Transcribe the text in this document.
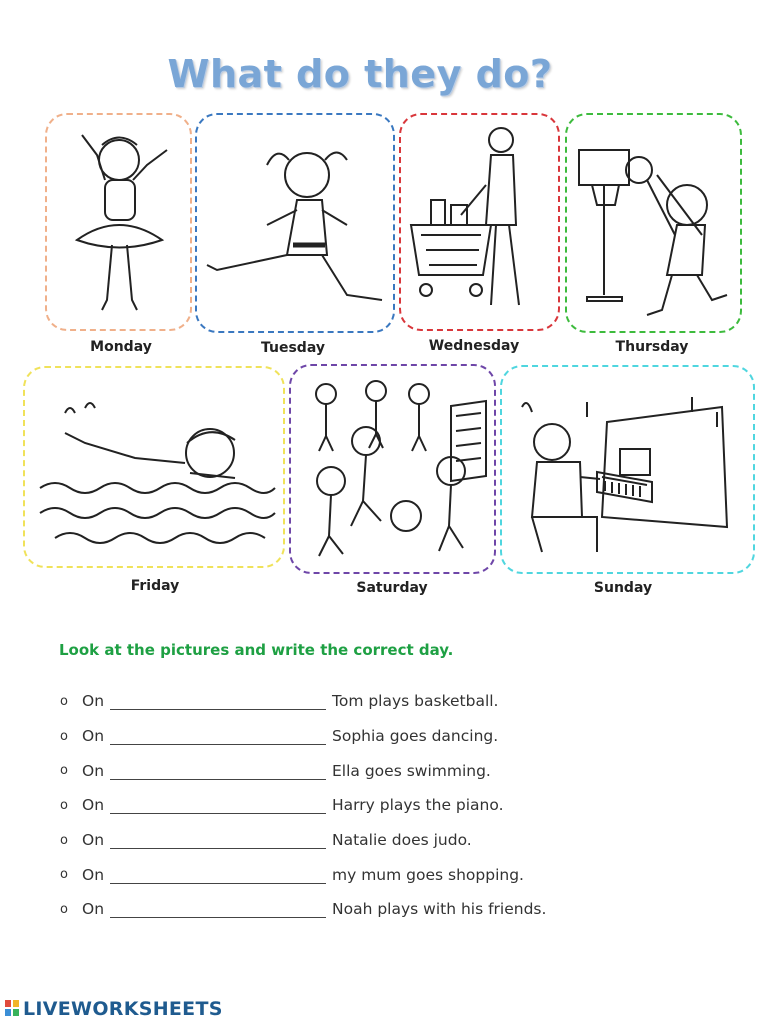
What do they do?
Monday	Tuesday	Wednesday	Thursday
Friday	Saturday	Sunday
Look at the pictures and write the correct day.
o On	Tom plays basketball.
o On	Sophia goes dancing.
o On	Ella goes swimming.
o On	Harry plays the piano.
o On	Natalie does judo.
o On	my mum goes shopping.
o On	Noah plays with his friends.
LIVEWORKSHEETS
